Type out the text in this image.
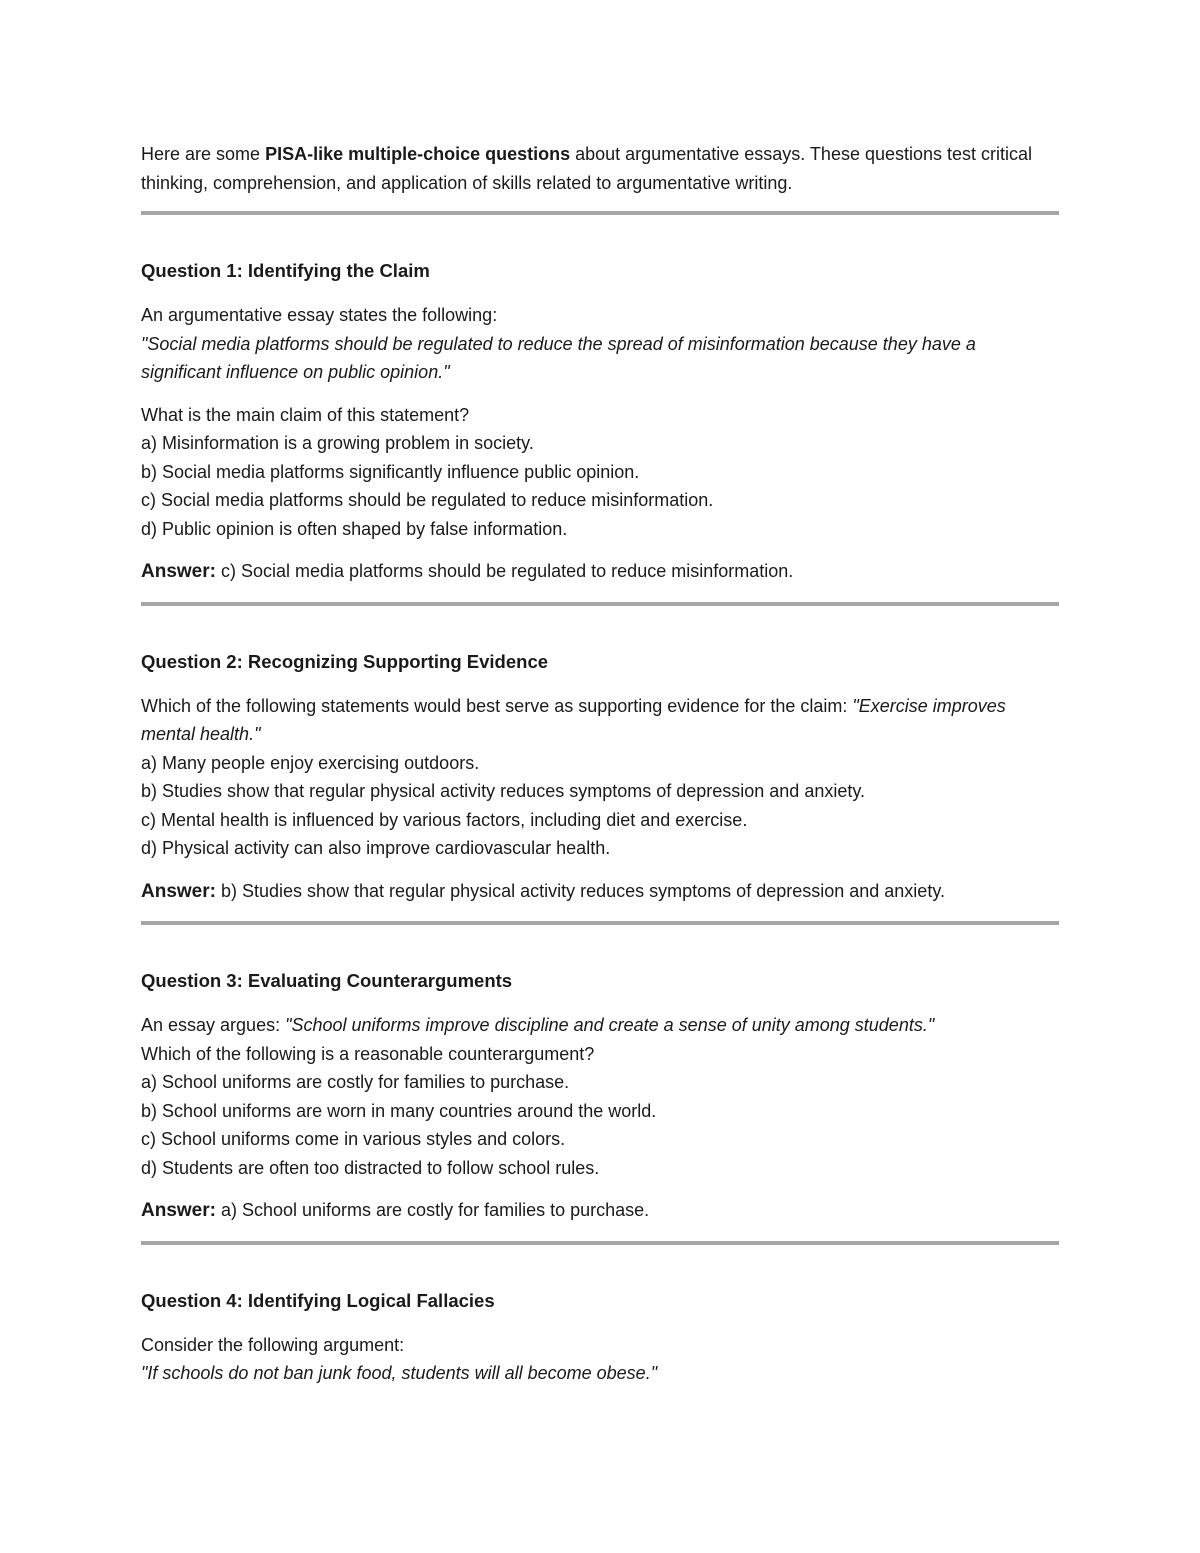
Here are some PISA-like multiple-choice questions about argumentative essays. These questions test critical thinking, comprehension, and application of skills related to argumentative writing.

Question 1: Identifying the Claim

An argumentative essay states the following:
"Social media platforms should be regulated to reduce the spread of misinformation because they have a significant influence on public opinion."

What is the main claim of this statement?
a) Misinformation is a growing problem in society.
b) Social media platforms significantly influence public opinion.
c) Social media platforms should be regulated to reduce misinformation.
d) Public opinion is often shaped by false information.

Answer: c) Social media platforms should be regulated to reduce misinformation.

Question 2: Recognizing Supporting Evidence

Which of the following statements would best serve as supporting evidence for the claim: "Exercise improves mental health."
a) Many people enjoy exercising outdoors.
b) Studies show that regular physical activity reduces symptoms of depression and anxiety.
c) Mental health is influenced by various factors, including diet and exercise.
d) Physical activity can also improve cardiovascular health.

Answer: b) Studies show that regular physical activity reduces symptoms of depression and anxiety.

Question 3: Evaluating Counterarguments

An essay argues: "School uniforms improve discipline and create a sense of unity among students."
Which of the following is a reasonable counterargument?
a) School uniforms are costly for families to purchase.
b) School uniforms are worn in many countries around the world.
c) School uniforms come in various styles and colors.
d) Students are often too distracted to follow school rules.

Answer: a) School uniforms are costly for families to purchase.

Question 4: Identifying Logical Fallacies

Consider the following argument:
"If schools do not ban junk food, students will all become obese."
